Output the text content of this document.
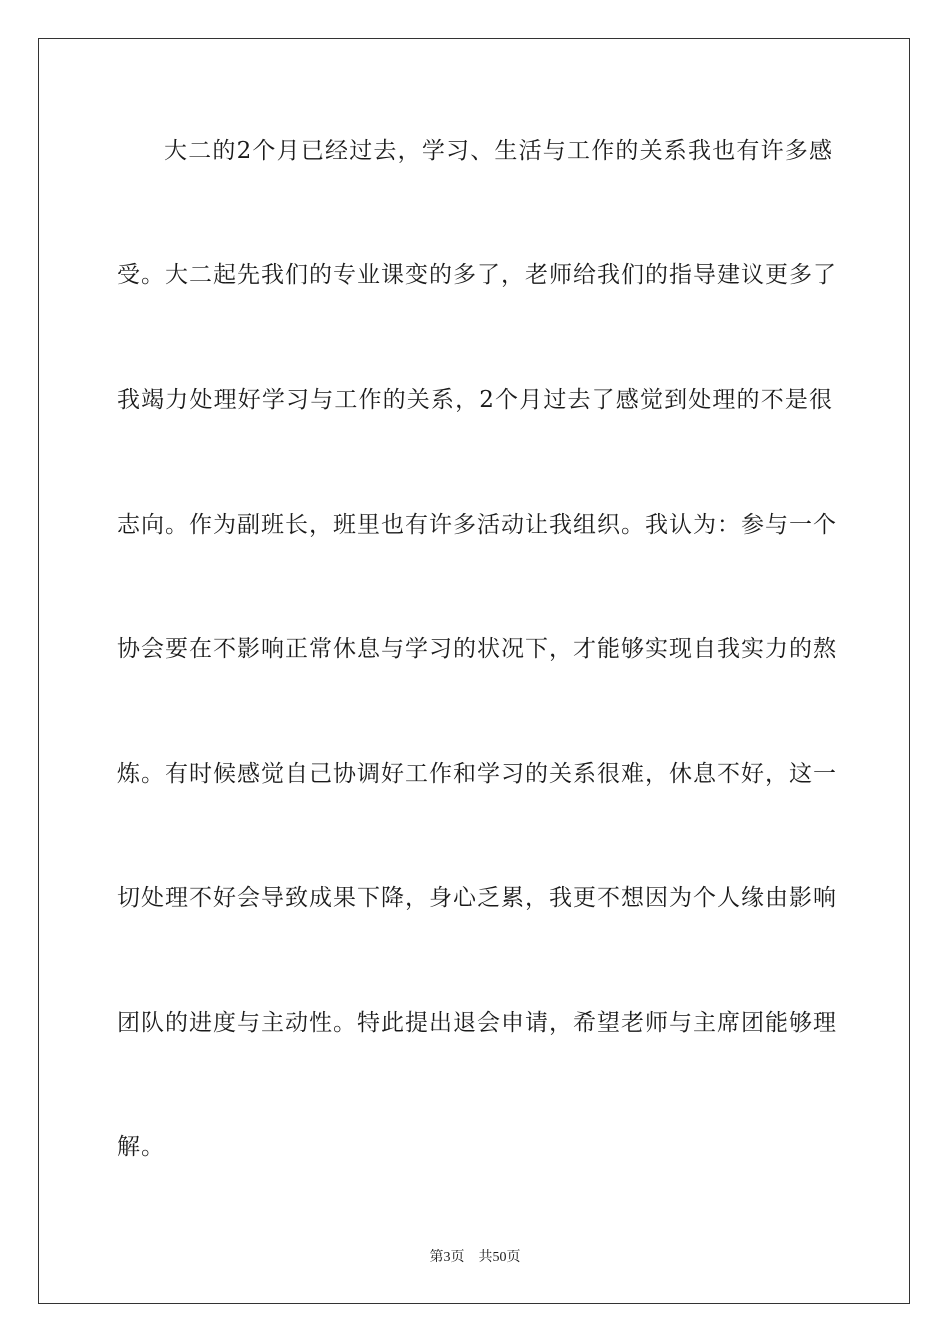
大二的2个月已经过去，学习、生活与工作的关系我也有许多感
受。大二起先我们的专业课变的多了，老师给我们的指导建议更多了
我竭力处理好学习与工作的关系，2个月过去了感觉到处理的不是很
志向。作为副班长，班里也有许多活动让我组织。我认为：参与一个
协会要在不影响正常休息与学习的状况下，才能够实现自我实力的熬
炼。有时候感觉自己协调好工作和学习的关系很难，休息不好，这一
切处理不好会导致成果下降，身心乏累，我更不想因为个人缘由影响
团队的进度与主动性。特此提出退会申请，希望老师与主席团能够理
解。
第3页 共50页
